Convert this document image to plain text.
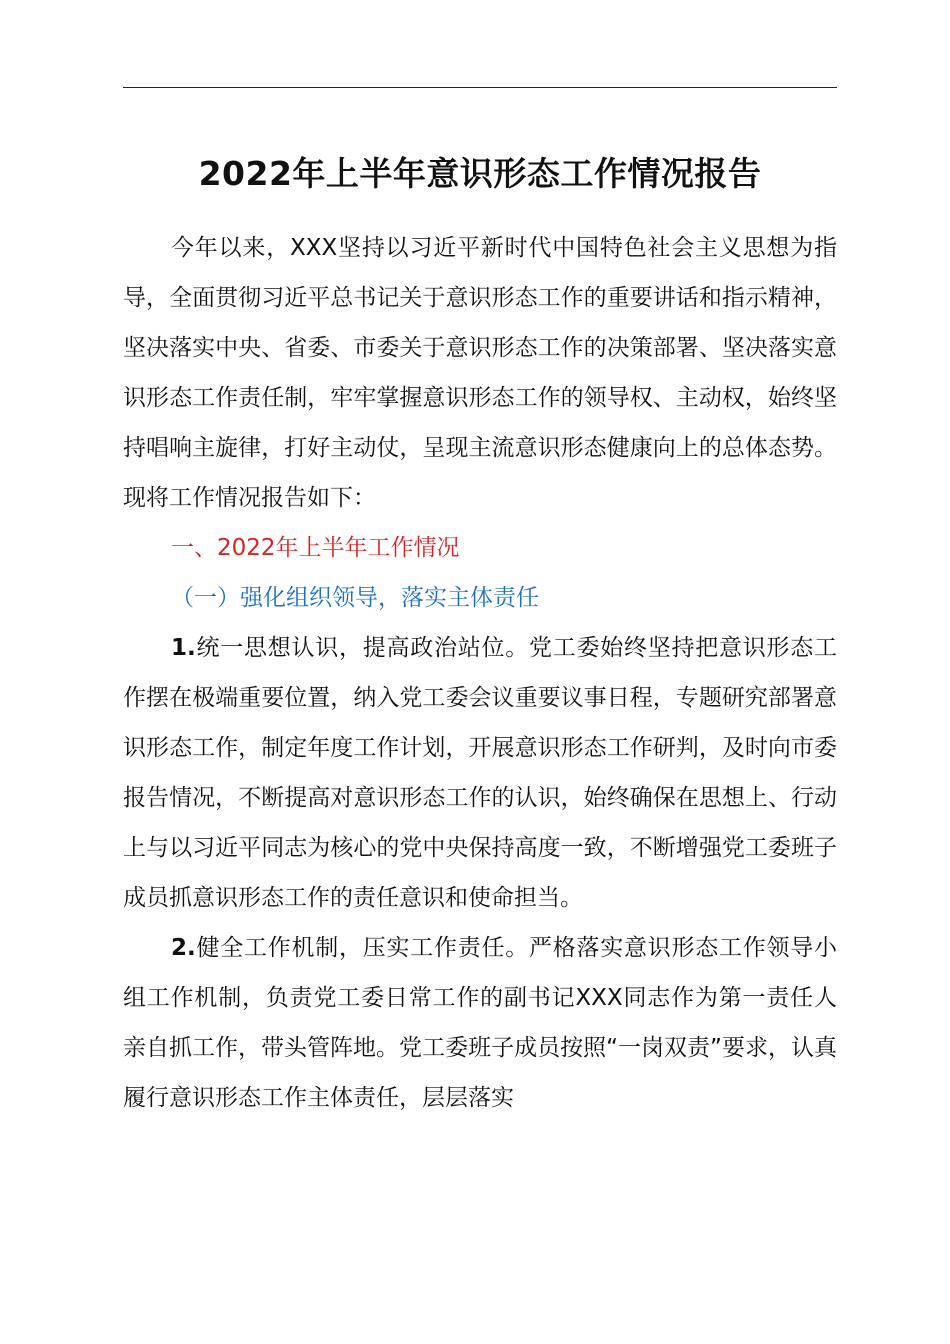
2022年上半年意识形态工作情况报告

今年以来，XXX坚持以习近平新时代中国特色社会主义思想为指导，全面贯彻习近平总书记关于意识形态工作的重要讲话和指示精神，坚决落实中央、省委、市委关于意识形态工作的决策部署、坚决落实意识形态工作责任制，牢牢掌握意识形态工作的领导权、主动权，始终坚持唱响主旋律，打好主动仗，呈现主流意识形态健康向上的总体态势。现将工作情况报告如下：

一、2022年上半年工作情况

（一）强化组织领导，落实主体责任

1.统一思想认识，提高政治站位。党工委始终坚持把意识形态工作摆在极端重要位置，纳入党工委会议重要议事日程，专题研究部署意识形态工作，制定年度工作计划，开展意识形态工作研判，及时向市委报告情况，不断提高对意识形态工作的认识，始终确保在思想上、行动上与以习近平同志为核心的党中央保持高度一致，不断增强党工委班子成员抓意识形态工作的责任意识和使命担当。

2.健全工作机制，压实工作责任。严格落实意识形态工作领导小组工作机制，负责党工委日常工作的副书记XXX同志作为第一责任人亲自抓工作，带头管阵地。党工委班子成员按照“一岗双责”要求，认真履行意识形态工作主体责任，层层落实
